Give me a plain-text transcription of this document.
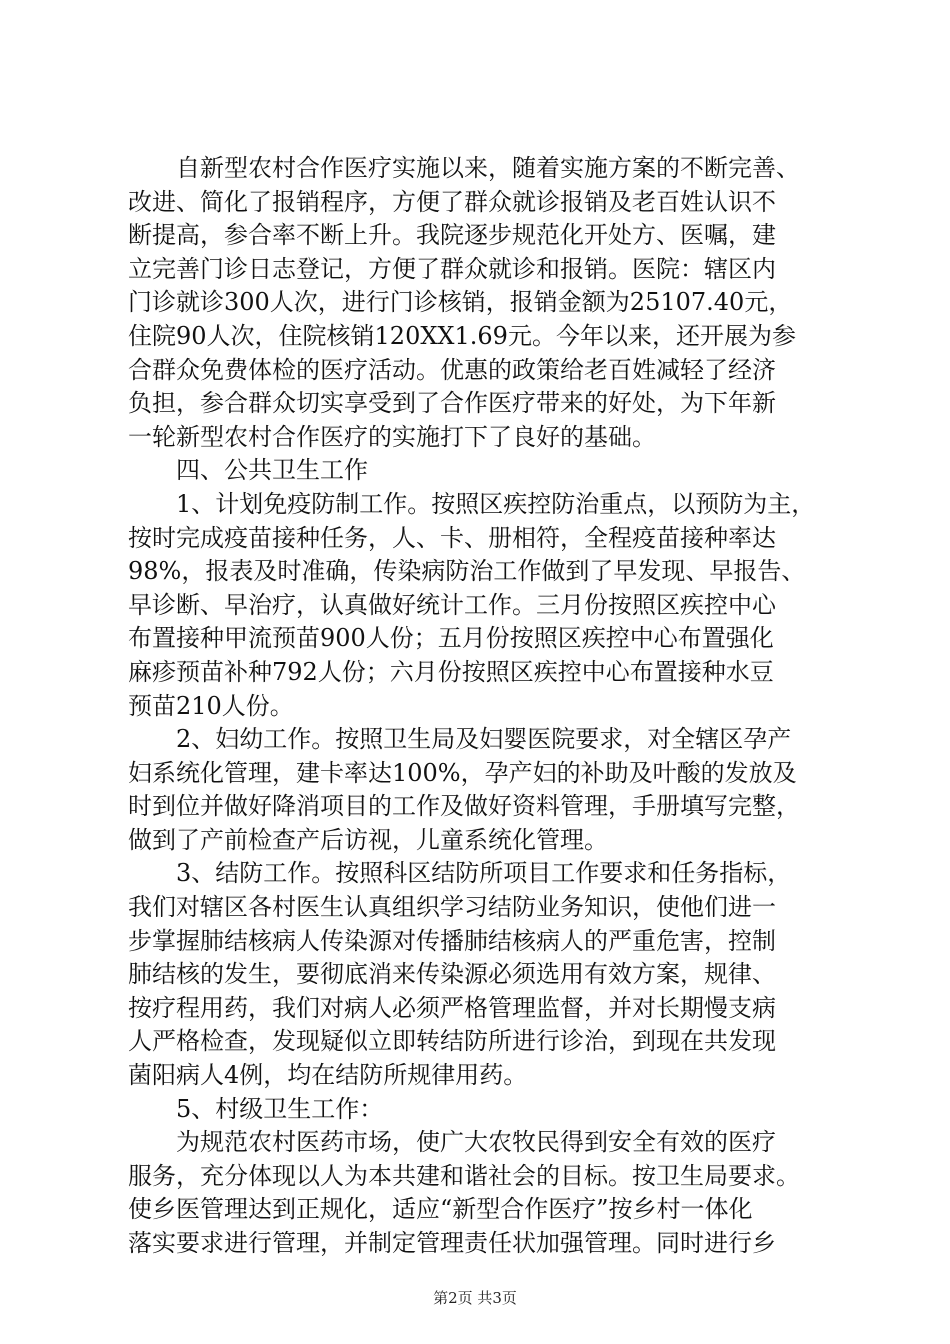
　　自新型农村合作医疗实施以来，随着实施方案的不断完善、
改进、简化了报销程序，方便了群众就诊报销及老百姓认识不
断提高，参合率不断上升。我院逐步规范化开处方、医嘱，建
立完善门诊日志登记，方便了群众就诊和报销。医院：辖区内
门诊就诊300人次，进行门诊核销，报销金额为25107.40元，
住院90人次，住院核销120XX1.69元。今年以来，还开展为参
合群众免费体检的医疗活动。优惠的政策给老百姓减轻了经济
负担，参合群众切实享受到了合作医疗带来的好处，为下年新
一轮新型农村合作医疗的实施打下了良好的基础。
　　四、公共卫生工作
　　1、计划免疫防制工作。按照区疾控防治重点，以预防为主，
按时完成疫苗接种任务，人、卡、册相符，全程疫苗接种率达
98%，报表及时准确，传染病防治工作做到了早发现、早报告、
早诊断、早治疗，认真做好统计工作。三月份按照区疾控中心
布置接种甲流预苗900人份；五月份按照区疾控中心布置强化
麻疹预苗补种792人份；六月份按照区疾控中心布置接种水豆
预苗210人份。
　　2、妇幼工作。按照卫生局及妇婴医院要求，对全辖区孕产
妇系统化管理，建卡率达100%，孕产妇的补助及叶酸的发放及
时到位并做好降消项目的工作及做好资料管理，手册填写完整，
做到了产前检查产后访视，儿童系统化管理。
　　3、结防工作。按照科区结防所项目工作要求和任务指标，
我们对辖区各村医生认真组织学习结防业务知识，使他们进一
步掌握肺结核病人传染源对传播肺结核病人的严重危害，控制
肺结核的发生，要彻底消来传染源必须选用有效方案，规律、
按疗程用药，我们对病人必须严格管理监督，并对长期慢支病
人严格检查，发现疑似立即转结防所进行诊治，到现在共发现
菌阳病人4例，均在结防所规律用药。
　　5、村级卫生工作：
　　为规范农村医药市场，使广大农牧民得到安全有效的医疗
服务，充分体现以人为本共建和谐社会的目标。按卫生局要求。
使乡医管理达到正规化，适应“新型合作医疗”按乡村一体化
落实要求进行管理，并制定管理责任状加强管理。同时进行乡
第2页 共3页
